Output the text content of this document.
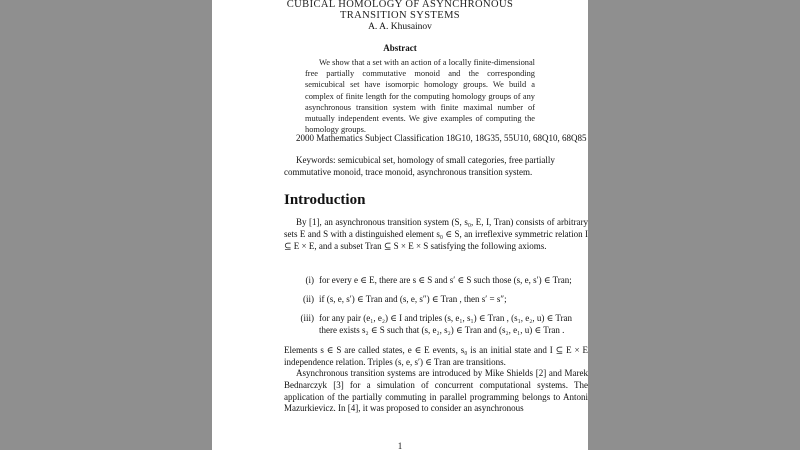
CUBICAL HOMOLOGY OF ASYNCHRONOUS
TRANSITION SYSTEMS
A. A. Khusainov
Abstract

We show that a set with an action of a locally finite-dimensional free partially commutative monoid and the corresponding semicubical set have isomorpic homology groups. We build a complex of finite length for the computing homology groups of any asynchronous transition system with finite maximal number of mutually independent events. We give examples of computing the homology groups.

2000 Mathematics Subject Classification 18G10, 18G35, 55U10, 68Q10, 68Q85

Keywords: semicubical set, homology of small categories, free partially commutative monoid, trace monoid, asynchronous transition system.

Introduction

By [1], an asynchronous transition system (S, s₀, E, I, Tran) consists of arbitrary sets E and S with a distinguished element s₀ ∈ S, an irreflexive symmetric relation I ⊆ E × E, and a subset Tran ⊆ S × E × S satisfying the following axioms.

(i) for every e ∈ E, there are s ∈ S and s′ ∈ S such those (s, e, s′) ∈ Tran;
(ii) if (s, e, s′) ∈ Tran and (s, e, s″) ∈ Tran , then s′ = s″;
(iii) for any pair (e₁, e₂) ∈ I and triples (s, e₁, s₁) ∈ Tran , (s₁, e₂, u) ∈ Tran
there exists s₂ ∈ S such that (s, e₂, s₂) ∈ Tran and (s₂, e₁, u) ∈ Tran .

Elements s ∈ S are called states, e ∈ E events, s₀ is an initial state and I ⊆ E × E independence relation. Triples (s, e, s′) ∈ Tran are transitions.

Asynchronous transition systems are introduced by Mike Shields [2] and Marek Bednarczyk [3] for a simulation of concurrent computational systems. The application of the partially commuting in parallel programming belongs to Antoni Mazurkievicz. In [4], it was proposed to consider an asynchronous

1
